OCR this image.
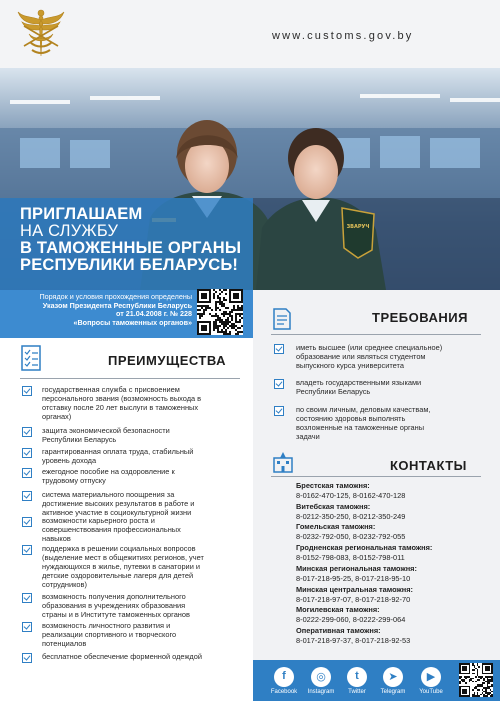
www.customs.gov.by
ЗВАРУЧ
ПРИГЛАШАЕМ
НА СЛУЖБУ
В ТАМОЖЕННЫЕ ОРГАНЫ
РЕСПУБЛИКИ БЕЛАРУСЬ!
Порядок и условия прохождения определены
Указом Президента Республики Беларусь
от 21.04.2008 г. № 228
«Вопросы таможенных органов»
ПРЕИМУЩЕСТВА
государственная служба с присвоением
персонального звания (возможность выхода в
отставку после 20 лет выслуги в таможенных
органах)
защита экономической безопасности
Республики Беларусь
гарантированная оплата труда, стабильный
уровень дохода
ежегодное пособие на оздоровление к
трудовому отпуску
система материального поощрения за
достижение высоких результатов в работе и
активное участие в социокультурной жизни
возможности карьерного роста и
совершенствования профессиональных
навыков
поддержка в решении социальных вопросов
(выделение мест в общежитиях регионов, учет
нуждающихся в жилье, путевки в санатории и
детские оздоровительные лагеря для детей
сотрудников)
возможность получения дополнительного
образования в учреждениях образования
страны и в Институте таможенных органов
возможность личностного развития и
реализации спортивного и творческого
потенциалов
бесплатное обеспечение форменной одеждой
ТРЕБОВАНИЯ
иметь высшее (или среднее специальное)
образование или являться студентом
выпускного курса университета
владеть государственными языками
Республики Беларусь
по своим личным, деловым качествам,
состоянию здоровья выполнять
возложенные на таможенные органы
задачи
КОНТАКТЫ
Брестская таможня:
8-0162-470-125, 8-0162-470-128
Витебская таможня:
8-0212-350-250, 8-0212-350-249
Гомельская таможня:
8-0232-792-050, 8-0232-792-055
Гродненская региональная таможня:
8-0152-798-083, 8-0152-798-011
Минская региональная таможня:
8-017-218-95-25, 8-017-218-95-10
Минская центральная таможня:
8-017-218-97-07, 8-017-218-92-70
Могилевская таможня:
8-0222-299-060, 8-0222-299-064
Оперативная таможня:
8-017-218-97-37, 8-017-218-92-53
f
Facebook
◎
Instagram
t
Twitter
➤
Telegram
▶
YouTube
